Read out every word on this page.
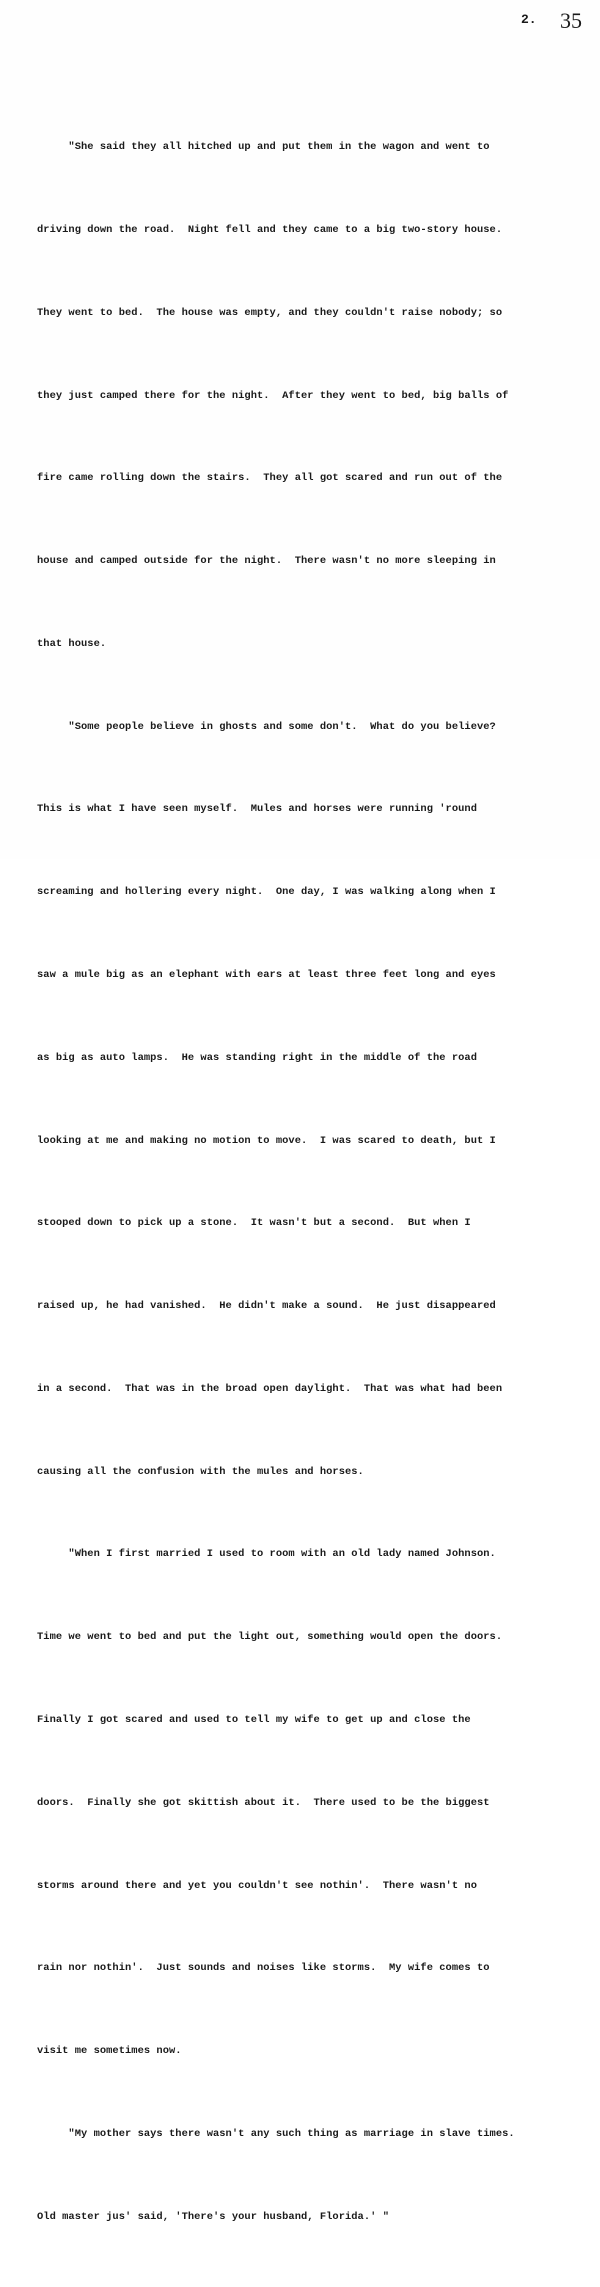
2. 35

"She said they all hitched up and put them in the wagon and went to

driving down the road.  Night fell and they came to a big two-story house.

They went to bed.  The house was empty, and they couldn't raise nobody; so

they just camped there for the night.  After they went to bed, big balls of

fire came rolling down the stairs.  They all got scared and run out of the

house and camped outside for the night.  There wasn't no more sleeping in

that house.

"Some people believe in ghosts and some don't.  What do you believe?

This is what I have seen myself.  Mules and horses were running 'round

screaming and hollering every night.  One day, I was walking along when I

saw a mule big as an elephant with ears at least three feet long and eyes

as big as auto lamps.  He was standing right in the middle of the road

looking at me and making no motion to move.  I was scared to death, but I

stooped down to pick up a stone.  It wasn't but a second.  But when I

raised up, he had vanished.  He didn't make a sound.  He just disappeared

in a second.  That was in the broad open daylight.  That was what had been

causing all the confusion with the mules and horses.

"When I first married I used to room with an old lady named Johnson.

Time we went to bed and put the light out, something would open the doors.

Finally I got scared and used to tell my wife to get up and close the

doors.  Finally she got skittish about it.  There used to be the biggest

storms around there and yet you couldn't see nothin'.  There wasn't no

rain nor nothin'.  Just sounds and noises like storms.  My wife comes to

visit me sometimes now.

"My mother says there wasn't any such thing as marriage in slave times.

Old master jus' said, 'There's your husband, Florida.' "
